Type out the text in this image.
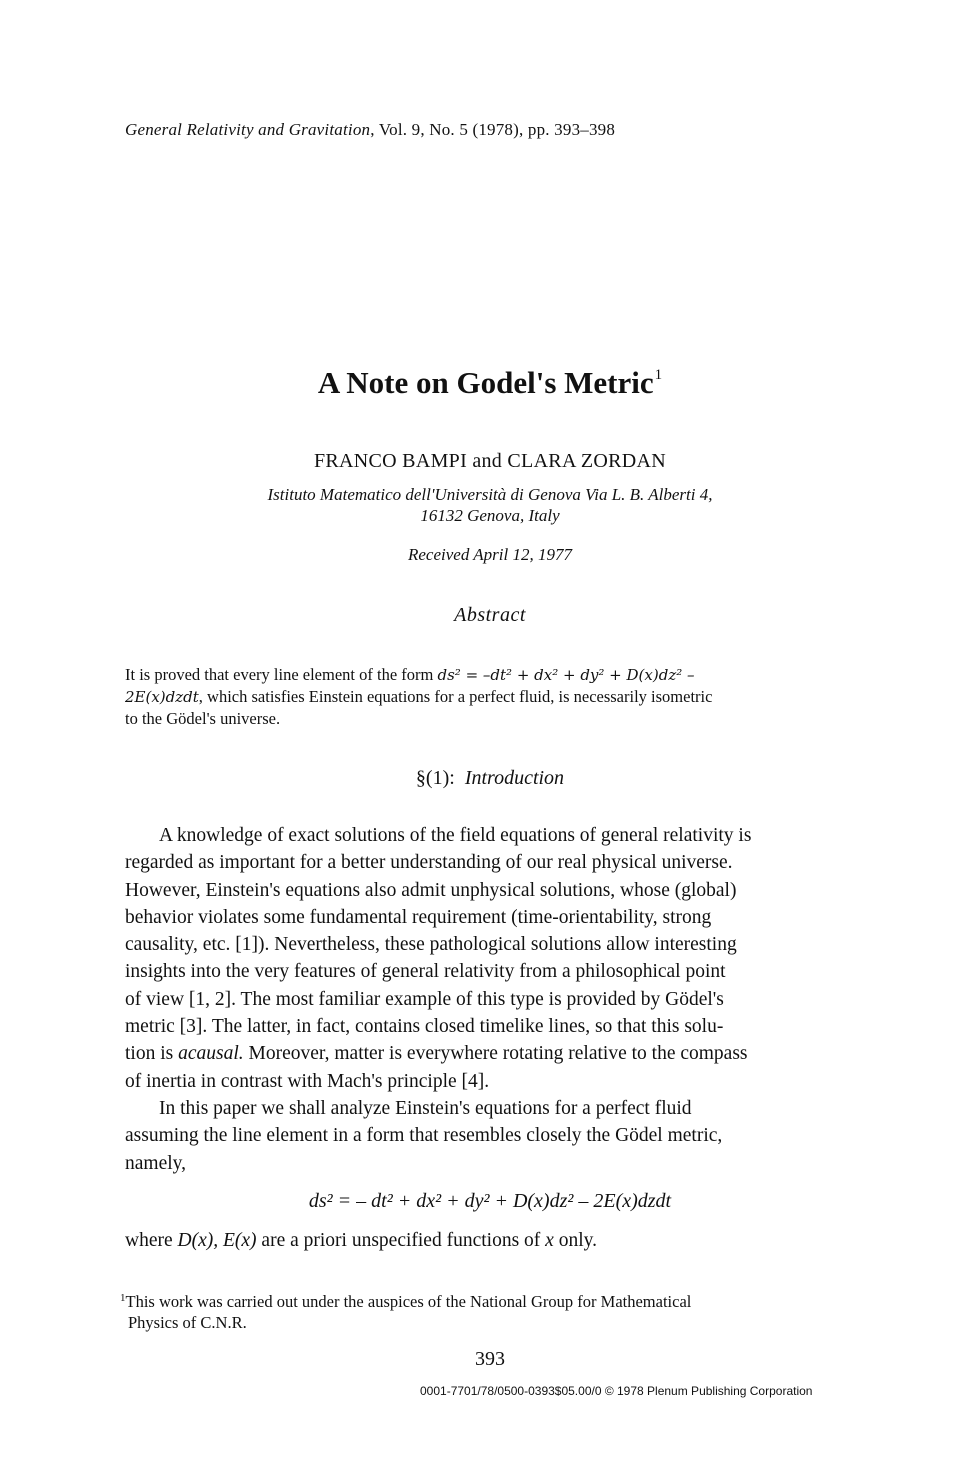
General Relativity and Gravitation, Vol. 9, No. 5 (1978), pp. 393–398
A Note on Godel's Metric$^1$
FRANCO BAMPI and CLARA ZORDAN
Istituto Matematico dell'Università di Genova Via L. B. Alberti 4,
16132 Genova, Italy
Received April 12, 1977
Abstract
It is proved that every line element of the form ds² = –dt² + dx² + dy² + D(x)dz² –
2E(x)dzdt, which satisfies Einstein equations for a perfect fluid, is necessarily isometric
to the Gödel's universe.
§(1): Introduction
A knowledge of exact solutions of the field equations of general relativity is
regarded as important for a better understanding of our real physical universe.
However, Einstein's equations also admit unphysical solutions, whose (global)
behavior violates some fundamental requirement (time-orientability, strong
causality, etc. [1]). Nevertheless, these pathological solutions allow interesting
insights into the very features of general relativity from a philosophical point
of view [1, 2]. The most familiar example of this type is provided by Gödel's
metric [3]. The latter, in fact, contains closed timelike lines, so that this solu-
tion is acausal. Moreover, matter is everywhere rotating relative to the compass
of inertia in contrast with Mach's principle [4].
In this paper we shall analyze Einstein's equations for a perfect fluid
assuming the line element in a form that resembles closely the Gödel metric,
namely,
ds² = – dt² + dx² + dy² + D(x)dz² – 2E(x)dzdt
where D(x), E(x) are a priori unspecified functions of x only.
$^1$This work was carried out under the auspices of the National Group for Mathematical
Physics of C.N.R.
393
0001-7701/78/0500-0393$05.00/0 © 1978 Plenum Publishing Corporation
